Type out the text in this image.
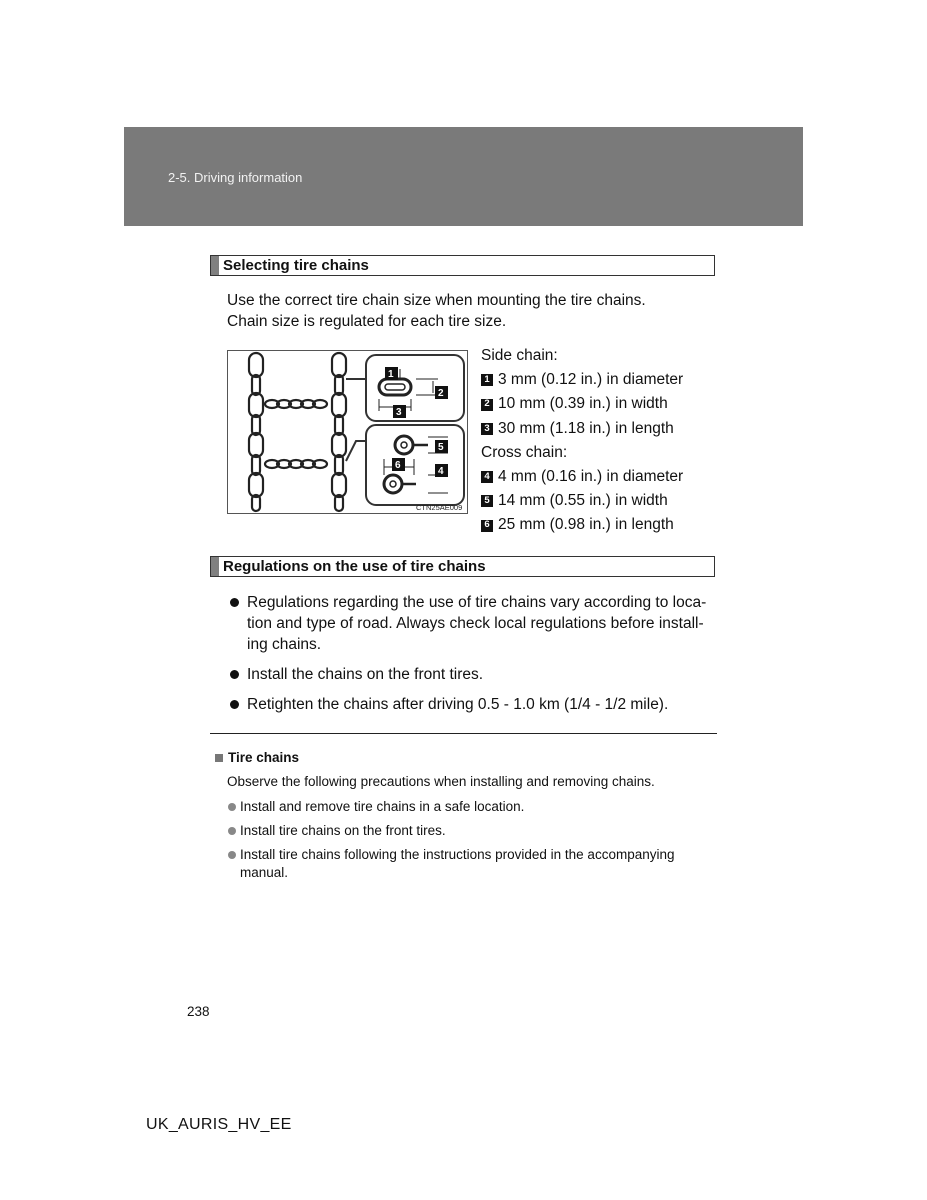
2-5. Driving information
Selecting tire chains
Use the correct tire chain size when mounting the tire chains.
Chain size is regulated for each tire size.
1
2
3
5
6
4
CTN25AE009
Side chain:
1 3 mm (0.12 in.) in diameter
2 10 mm (0.39 in.) in width
3 30 mm (1.18 in.) in length
Cross chain:
4 4 mm (0.16 in.) in diameter
5 14 mm (0.55 in.) in width
6 25 mm (0.98 in.) in length
Regulations on the use of tire chains
Regulations regarding the use of tire chains vary according to loca-tion and type of road. Always check local regulations before install-ing chains.
Install the chains on the front tires.
Retighten the chains after driving 0.5 - 1.0 km (1/4 - 1/2 mile).
Tire chains
Observe the following precautions when installing and removing chains.
Install and remove tire chains in a safe location.
Install tire chains on the front tires.
Install tire chains following the instructions provided in the accompanying manual.
238
UK_AURIS_HV_EE
